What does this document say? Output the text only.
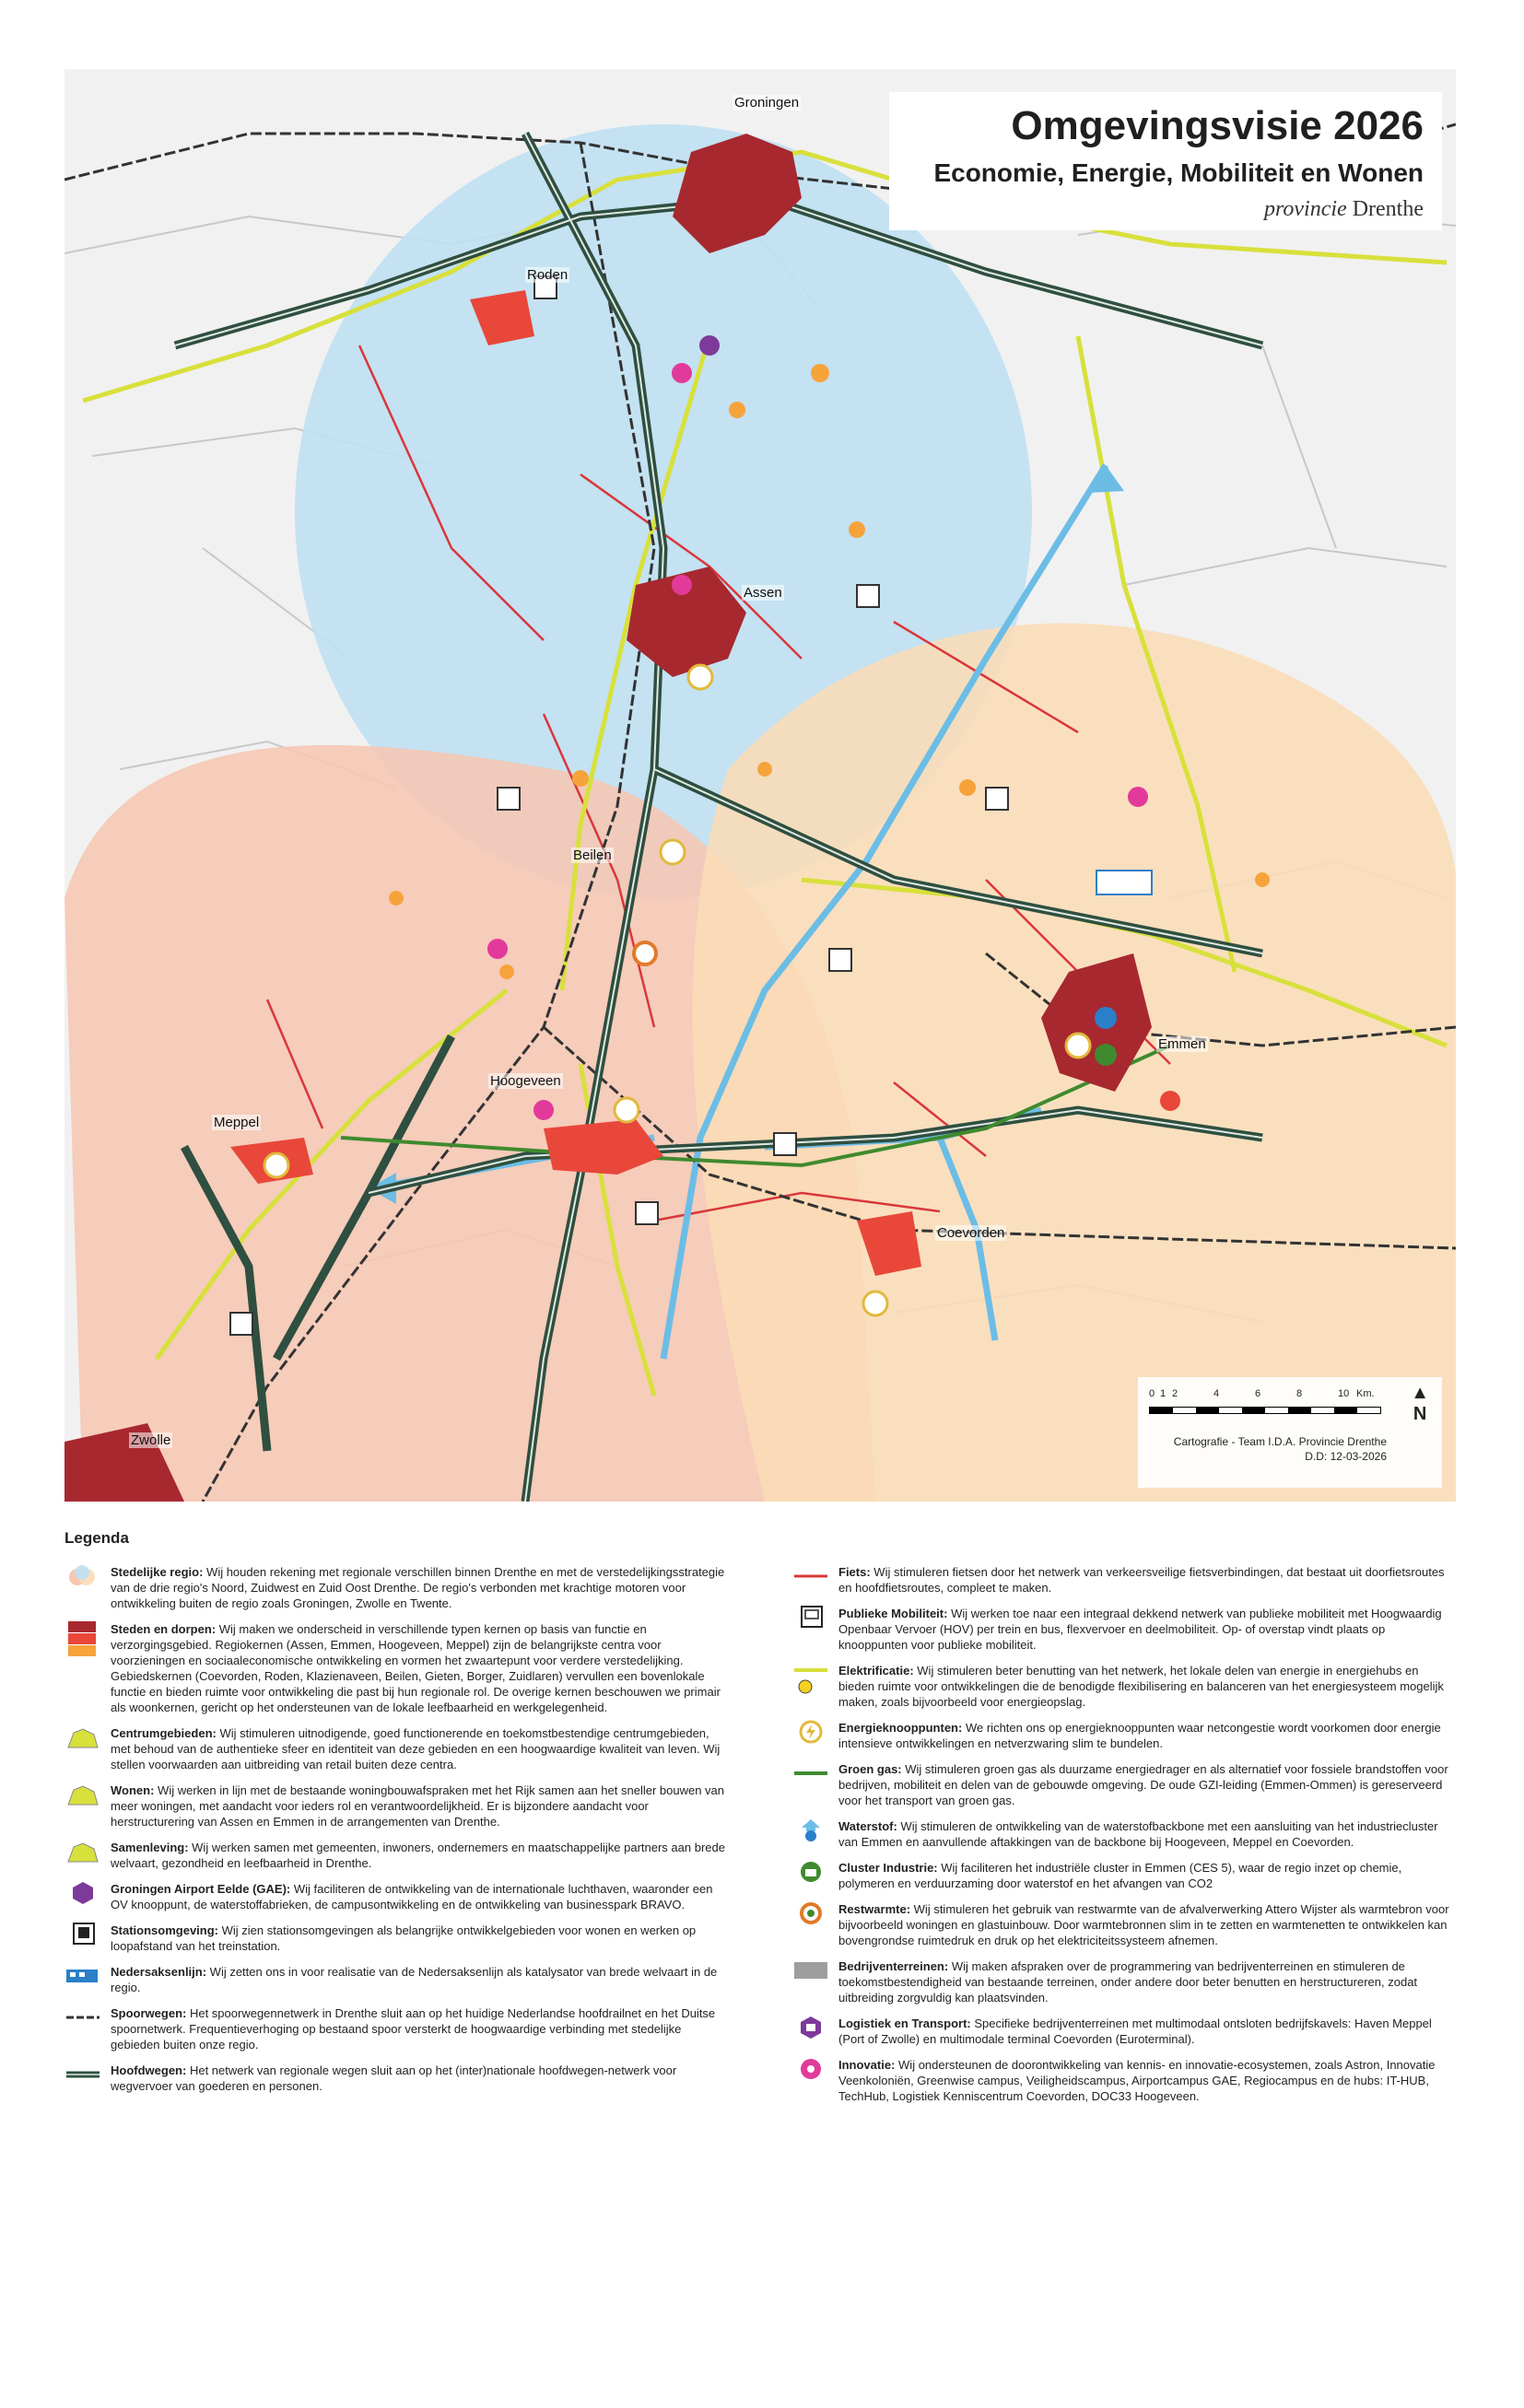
Omgevingsvisie 2026
Economie, Energie, Mobiliteit en Wonen
provincie Drenthe
Groningen
Roden
Assen
Beilen
Hoogeveen
Meppel
Emmen
Coevorden
Zwolle
0 1 2	4	6	8	10 Km. ▲
N
Cartografie - Team I.D.A. Provincie Drenthe
D.D: 12-03-2026
Legenda
Stedelijke regio: Wij houden rekening met regionale verschillen binnen Drenthe en met de verstedelijkingsstrategie van de drie regio's Noord, Zuidwest en Zuid Oost Drenthe. De regio's verbonden met krachtige motoren voor ontwikkeling buiten de regio zoals Groningen, Zwolle en Twente.
Steden en dorpen: Wij maken we onderscheid in verschillende typen kernen op basis van functie en verzorgingsgebied. Regiokernen (Assen, Emmen, Hoogeveen, Meppel) zijn de belangrijkste centra voor voorzieningen en sociaaleconomische ontwikkeling en vormen het zwaartepunt voor verdere verstedelijking. Gebiedskernen (Coevorden, Roden, Klazienaveen, Beilen, Gieten, Borger, Zuidlaren) vervullen een bovenlokale functie en bieden ruimte voor ontwikkeling die past bij hun regionale rol. De overige kernen beschouwen we primair als woonkernen, gericht op het ondersteunen van de lokale leefbaarheid en werkgelegenheid.
Centrumgebieden: Wij stimuleren uitnodigende, goed functionerende en toekomstbestendige centrumgebieden, met behoud van de authentieke sfeer en identiteit van deze gebieden en een hoogwaardige kwaliteit van leven. Wij stellen voorwaarden aan uitbreiding van retail buiten deze centra.
Wonen: Wij werken in lijn met de bestaande woningbouwafspraken met het Rijk samen aan het sneller bouwen van meer woningen, met aandacht voor ieders rol en verantwoordelijkheid. Er is bijzondere aandacht voor herstructurering van Assen en Emmen in de arrangementen van Drenthe.
Samenleving: Wij werken samen met gemeenten, inwoners, ondernemers en maatschappelijke partners aan brede welvaart, gezondheid en leefbaarheid in Drenthe.
Groningen Airport Eelde (GAE): Wij faciliteren de ontwikkeling van de internationale luchthaven, waaronder een OV knooppunt, de waterstoffabrieken, de campusontwikkeling en de ontwikkeling van businesspark BRAVO.
Stationsomgeving: Wij zien stationsomgevingen als belangrijke ontwikkelgebieden voor wonen en werken op loopafstand van het treinstation.
Nedersaksenlijn: Wij zetten ons in voor realisatie van de Nedersaksenlijn als katalysator van brede welvaart in de regio.
Spoorwegen: Het spoorwegennetwerk in Drenthe sluit aan op het huidige Nederlandse hoofdrailnet en het Duitse spoornetwerk. Frequentieverhoging op bestaand spoor versterkt de hoogwaardige verbinding met stedelijke gebieden buiten onze regio.
Hoofdwegen: Het netwerk van regionale wegen sluit aan op het (inter)nationale hoofdwegen-netwerk voor wegvervoer van goederen en personen.
Fiets: Wij stimuleren fietsen door het netwerk van verkeersveilige fietsverbindingen, dat bestaat uit doorfietsroutes en hoofdfietsroutes, compleet te maken.
Publieke Mobiliteit: Wij werken toe naar een integraal dekkend netwerk van publieke mobiliteit met Hoogwaardig Openbaar Vervoer (HOV) per trein en bus, flexvervoer en deelmobiliteit. Op- of overstap vindt plaats op knooppunten voor publieke mobiliteit.
Elektrificatie: Wij stimuleren beter benutting van het netwerk, het lokale delen van energie in energiehubs en bieden ruimte voor ontwikkelingen die de benodigde flexibilisering en balanceren van het energiesysteem mogelijk maken, zoals bijvoorbeeld voor energieopslag.
Energieknooppunten: We richten ons op energieknooppunten waar netcongestie wordt voorkomen door energie intensieve ontwikkelingen en netverzwaring slim te bundelen.
Groen gas: Wij stimuleren groen gas als duurzame energiedrager en als alternatief voor fossiele brandstoffen voor bedrijven, mobiliteit en delen van de gebouwde omgeving. De oude GZI-leiding (Emmen-Ommen) is gereserveerd voor het transport van groen gas.
Waterstof: Wij stimuleren de ontwikkeling van de waterstofbackbone met een aansluiting van het industriecluster van Emmen en aanvullende aftakkingen van de backbone bij Hoogeveen, Meppel en Coevorden.
Cluster Industrie: Wij faciliteren het industriële cluster in Emmen (CES 5), waar de regio inzet op chemie, polymeren en verduurzaming door waterstof en het afvangen van CO2
Restwarmte: Wij stimuleren het gebruik van restwarmte van de afvalverwerking Attero Wijster als warmtebron voor bijvoorbeeld woningen en glastuinbouw. Door warmtebronnen slim in te zetten en warmtenetten te ontwikkelen kan bovengrondse ruimtedruk en druk op het elektriciteitssysteem afnemen.
Bedrijventerreinen: Wij maken afspraken over de programmering van bedrijventerreinen en stimuleren de toekomstbestendigheid van bestaande terreinen, onder andere door beter benutten en herstructureren, zodat uitbreiding zorgvuldig kan plaatsvinden.
Logistiek en Transport: Specifieke bedrijventerreinen met multimodaal ontsloten bedrijfskavels: Haven Meppel (Port of Zwolle) en multimodale terminal Coevorden (Euroterminal).
Innovatie: Wij ondersteunen de doorontwikkeling van kennis- en innovatie-ecosystemen, zoals Astron, Innovatie Veenkoloniën, Greenwise campus, Veiligheidscampus, Airportcampus GAE, Regiocampus en de hubs: IT-HUB, TechHub, Logistiek Kenniscentrum Coevorden, DOC33 Hoogeveen.
